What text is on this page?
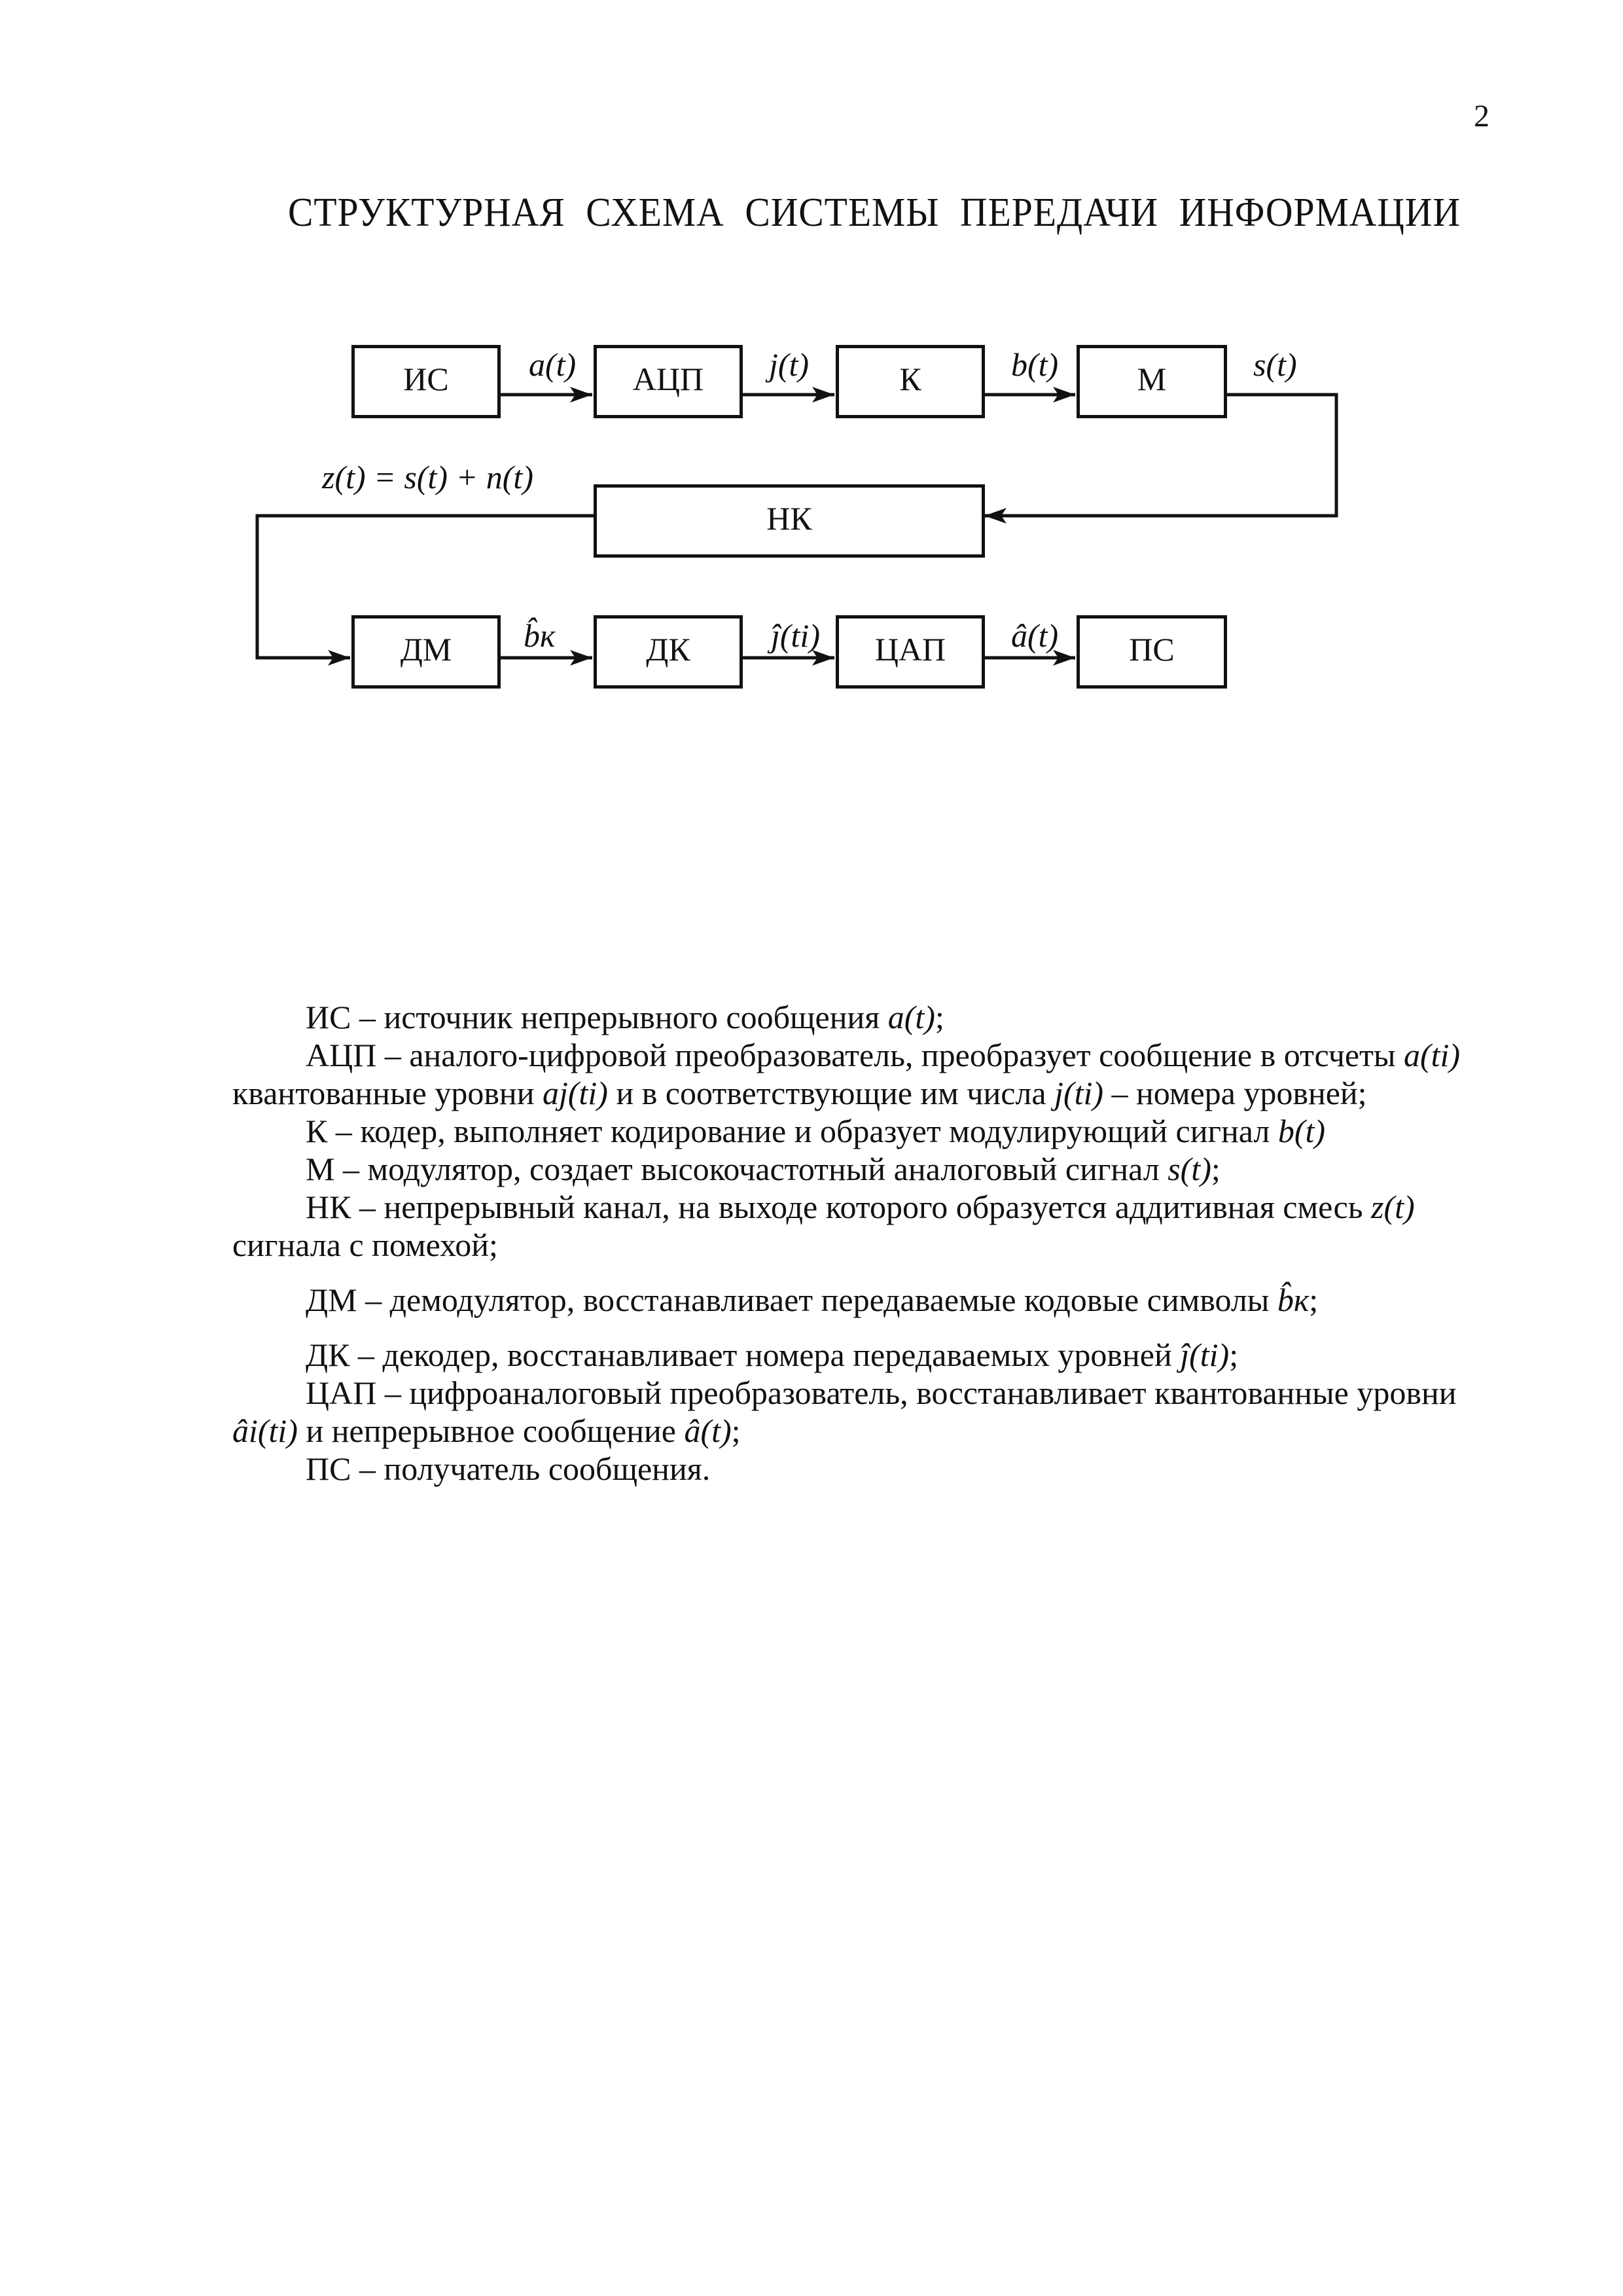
2
СТРУКТУРНАЯ СХЕМА СИСТЕМЫ ПЕРЕДАЧИ ИНФОРМАЦИИ
ИС	АЦП	К	М
НК
ДМ	ДК	ЦАП	ПС
a(t)	j(t)	b(t)	s(t)
z(t) = s(t) + n(t)
b̂к	ĵ(ti)	â(t)

ИС – источник непрерывного сообщения a(t);

АЦП – аналого-цифровой преобразователь, преобразует сообщение в отсчеты a(ti)

квантованные уровни aj(ti) и в соответствующие им числа j(ti) – номера уровней;

К – кодер, выполняет кодирование и образует модулирующий сигнал b(t)

М – модулятор, создает высокочастотный аналоговый сигнал s(t);

НК – непрерывный канал, на выходе которого образуется аддитивная смесь z(t)

сигнала с помехой;

ДМ – демодулятор, восстанавливает передаваемые кодовые символы b̂к;

ДК – декодер, восстанавливает номера передаваемых уровней ĵ(ti);

ЦАП – цифроаналоговый преобразователь, восстанавливает квантованные уровни

âi(ti) и непрерывное сообщение â(t);

ПС – получатель сообщения.
